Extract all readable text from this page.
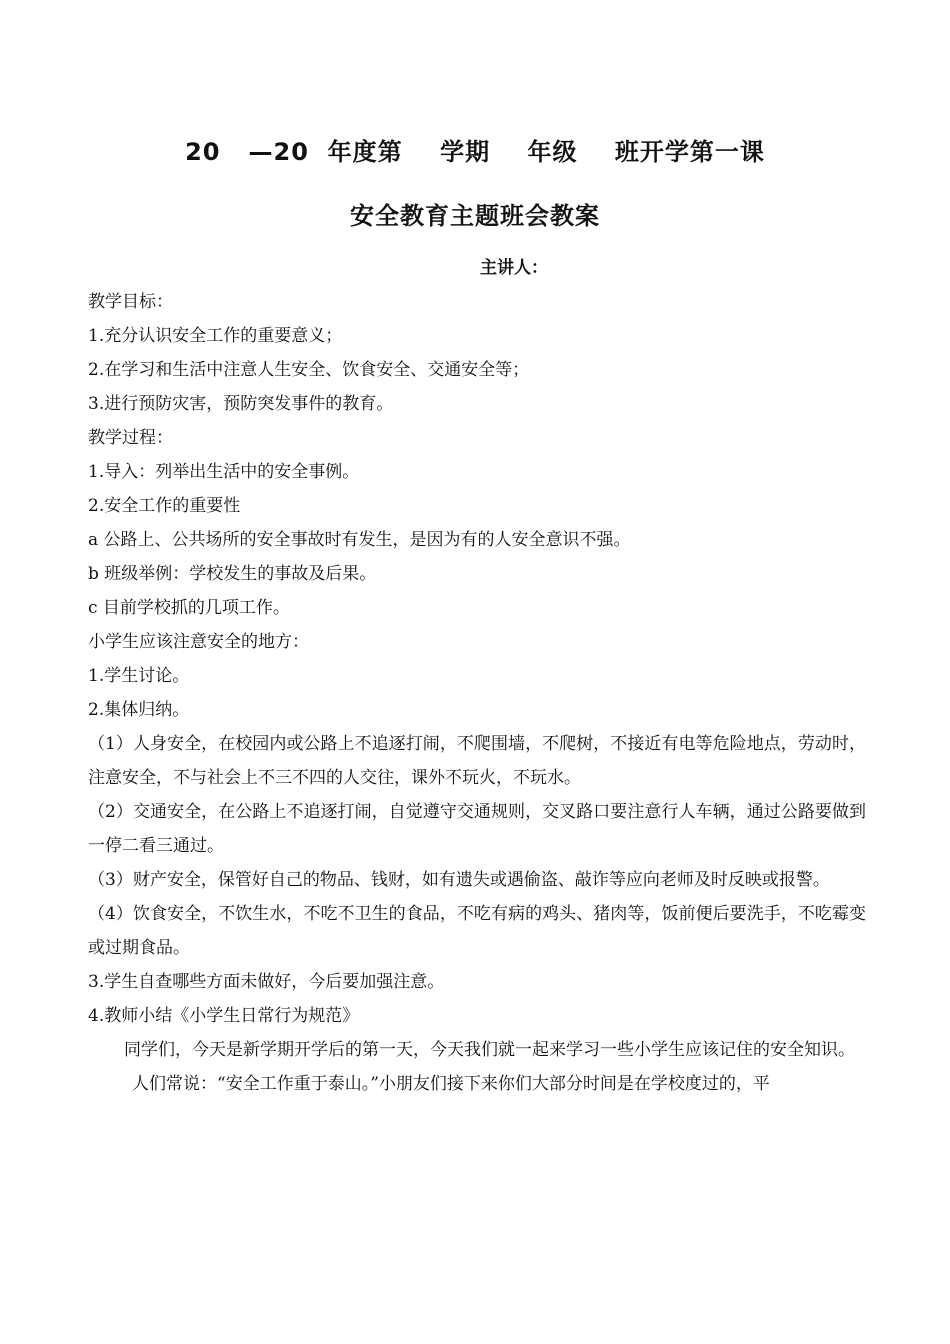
20   —20  年度第    学期    年级    班开学第一课
安全教育主题班会教案

主讲人：

教学目标：

1.充分认识安全工作的重要意义；

2.在学习和生活中注意人生安全、饮食安全、交通安全等；

3.进行预防灾害，预防突发事件的教育。

教学过程：

1.导入：列举出生活中的安全事例。

2.安全工作的重要性

a 公路上、公共场所的安全事故时有发生，是因为有的人安全意识不强。

b 班级举例：学校发生的事故及后果。

c 目前学校抓的几项工作。

小学生应该注意安全的地方：

1.学生讨论。

2.集体归纳。

（1）人身安全，在校园内或公路上不追逐打闹，不爬围墙，不爬树，不接近有电等危险地点，劳动时，注意安全，不与社会上不三不四的人交往，课外不玩火，不玩水。

（2）交通安全，在公路上不追逐打闹，自觉遵守交通规则，交叉路口要注意行人车辆，通过公路要做到一停二看三通过。

（3）财产安全，保管好自己的物品、钱财，如有遗失或遇偷盗、敲诈等应向老师及时反映或报警。

（4）饮食安全，不饮生水，不吃不卫生的食品，不吃有病的鸡头、猪肉等，饭前便后要洗手，不吃霉变或过期食品。

3.学生自查哪些方面未做好，今后要加强注意。

4.教师小结《小学生日常行为规范》

同学们，今天是新学期开学后的第一天，今天我们就一起来学习一些小学生应该记住的安全知识。

人们常说：“安全工作重于泰山。”小朋友们接下来你们大部分时间是在学校度过的，平
